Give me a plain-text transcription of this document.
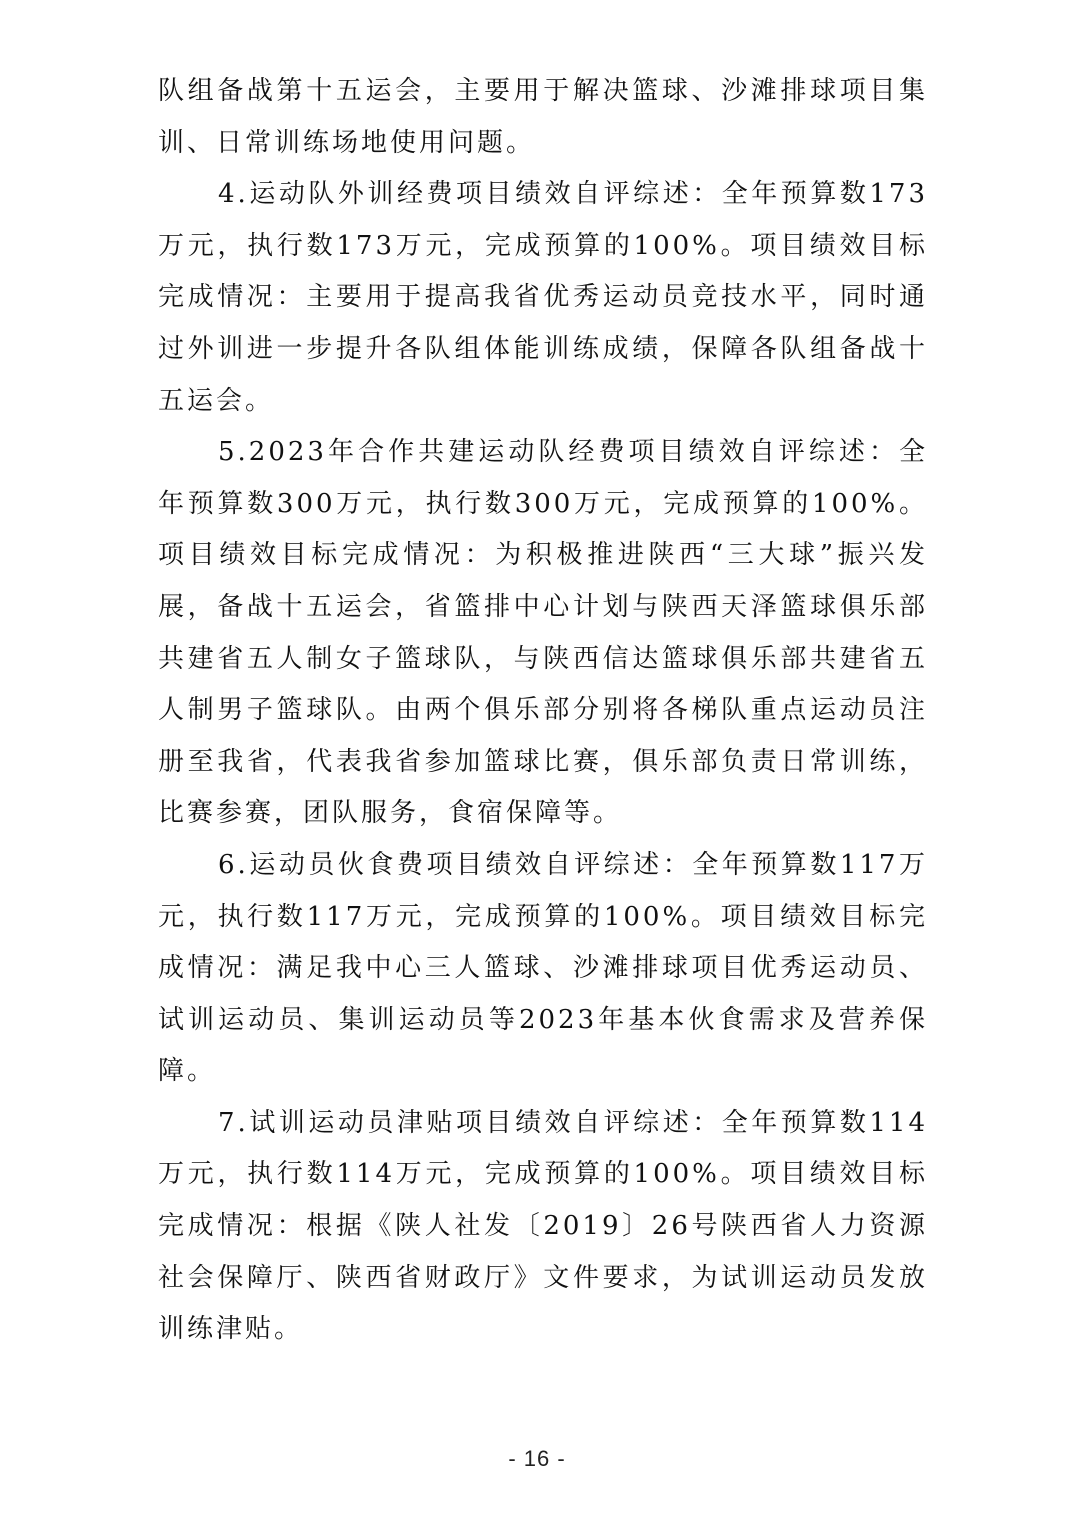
队组备战第十五运会，主要用于解决篮球、沙滩排球项目集训、日常训练场地使用问题。

4.运动队外训经费项目绩效自评综述：全年预算数173万元，执行数173万元，完成预算的100%。项目绩效目标完成情况：主要用于提高我省优秀运动员竞技水平，同时通过外训进一步提升各队组体能训练成绩，保障各队组备战十五运会。

5.2023年合作共建运动队经费项目绩效自评综述：全年预算数300万元，执行数300万元，完成预算的100%。项目绩效目标完成情况：为积极推进陕西“三大球”振兴发展，备战十五运会，省篮排中心计划与陕西天泽篮球俱乐部共建省五人制女子篮球队，与陕西信达篮球俱乐部共建省五人制男子篮球队。由两个俱乐部分别将各梯队重点运动员注册至我省，代表我省参加篮球比赛，俱乐部负责日常训练，比赛参赛，团队服务，食宿保障等。

6.运动员伙食费项目绩效自评综述：全年预算数117万元，执行数117万元，完成预算的100%。项目绩效目标完成情况：满足我中心三人篮球、沙滩排球项目优秀运动员、试训运动员、集训运动员等2023年基本伙食需求及营养保障。

7.试训运动员津贴项目绩效自评综述：全年预算数114万元，执行数114万元，完成预算的100%。项目绩效目标完成情况：根据《陕人社发〔2019〕26号陕西省人力资源社会保障厅、陕西省财政厅》文件要求，为试训运动员发放训练津贴。

- 16 -
